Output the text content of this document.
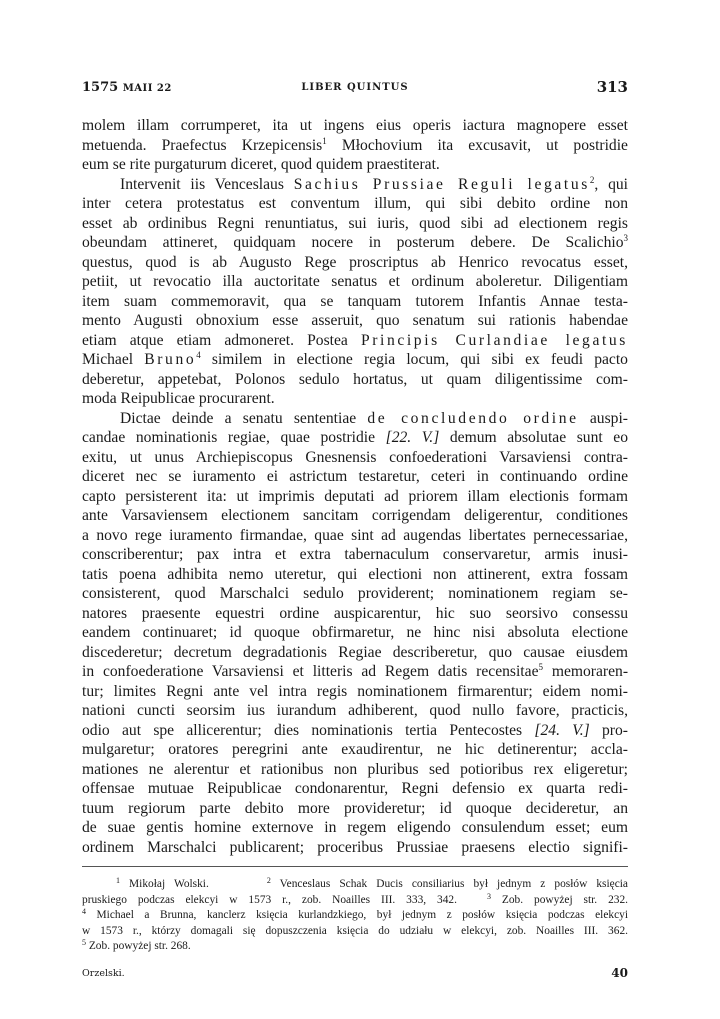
1575 MAII 22	LIBER QUINTUS	313
molem illam corrumperet, ita ut ingens eius operis iactura magnopere esset
metuenda. Praefectus Krzepicensis$^1$ Młochovium ita excusavit, ut postridie
eum se rite purgaturum diceret, quod quidem praestiterat.
Intervenit iis Venceslaus Sachius Prussiae Reguli legatus$^2$, qui
inter cetera protestatus est conventum illum, qui sibi debito ordine non
esset ab ordinibus Regni renuntiatus, sui iuris, quod sibi ad electionem regis
obeundam attineret, quidquam nocere in posterum debere. De Scalichio$^3$
questus, quod is ab Augusto Rege proscriptus ab Henrico revocatus esset,
petiit, ut revocatio illa auctoritate senatus et ordinum aboleretur. Diligentiam
item suam commemoravit, qua se tanquam tutorem Infantis Annae testa-
mento Augusti obnoxium esse asseruit, quo senatum sui rationis habendae
etiam atque etiam admoneret. Postea Principis Curlandiae legatus
Michael Bruno$^4$ similem in electione regia locum, qui sibi ex feudi pacto
deberetur, appetebat, Polonos sedulo hortatus, ut quam diligentissime com-
moda Reipublicae procurarent.
Dictae deinde a senatu sententiae de concludendo ordine auspi-
candae nominationis regiae, quae postridie [22. V.] demum absolutae sunt eo
exitu, ut unus Archiepiscopus Gnesnensis confoederationi Varsaviensi contra-
diceret nec se iuramento ei astrictum testaretur, ceteri in continuando ordine
capto persisterent ita: ut imprimis deputati ad priorem illam electionis formam
ante Varsaviensem electionem sancitam corrigendam deligerentur, conditiones
a novo rege iuramento firmandae, quae sint ad augendas libertates pernecessariae,
conscriberentur; pax intra et extra tabernaculum conservaretur, armis inusi-
tatis poena adhibita nemo uteretur, qui electioni non attinerent, extra fossam
consisterent, quod Marschalci sedulo providerent; nominationem regiam se-
natores praesente equestri ordine auspicarentur, hic suo seorsivo consessu
eandem continuaret; id quoque obfirmaretur, ne hinc nisi absoluta electione
discederetur; decretum degradationis Regiae describeretur, quo causae eiusdem
in confoederatione Varsaviensi et litteris ad Regem datis recensitae$^5$ memoraren-
tur; limites Regni ante vel intra regis nominationem firmarentur; eidem nomi-
nationi cuncti seorsim ius iurandum adhiberent, quod nullo favore, practicis,
odio aut spe allicerentur; dies nominationis tertia Pentecostes [24. V.] pro-
mulgaretur; oratores peregrini ante exaudirentur, ne hic detinerentur; accla-
mationes ne alerentur et rationibus non pluribus sed potioribus rex eligeretur;
offensae mutuae Reipublicae condonarentur, Regni defensio ex quarta redi-
tuum regiorum parte debito more provideretur; id quoque decideretur, an
de suae gentis homine externove in regem eligendo consulendum esset; eum
ordinem Marschalci publicarent; proceribus Prussiae praesens electio signifi-
$^1$ Mikołaj Wolski.	$^2$ Venceslaus Schak Ducis consiliarius był jednym z posłów księcia
pruskiego podczas elekcyi w 1573 r., zob. Noailles III. 333, 342.	$^3$ Zob. powyżej str. 232.
$^4$ Michael a Brunna, kanclerz księcia kurlandzkiego, był jednym z posłów księcia podczas elekcyi
w 1573 r., którzy domagali się dopuszczenia księcia do udziału w elekcyi, zob. Noailles III. 362.
$^5$ Zob. powyżej str. 268.
Orzelski.	40
